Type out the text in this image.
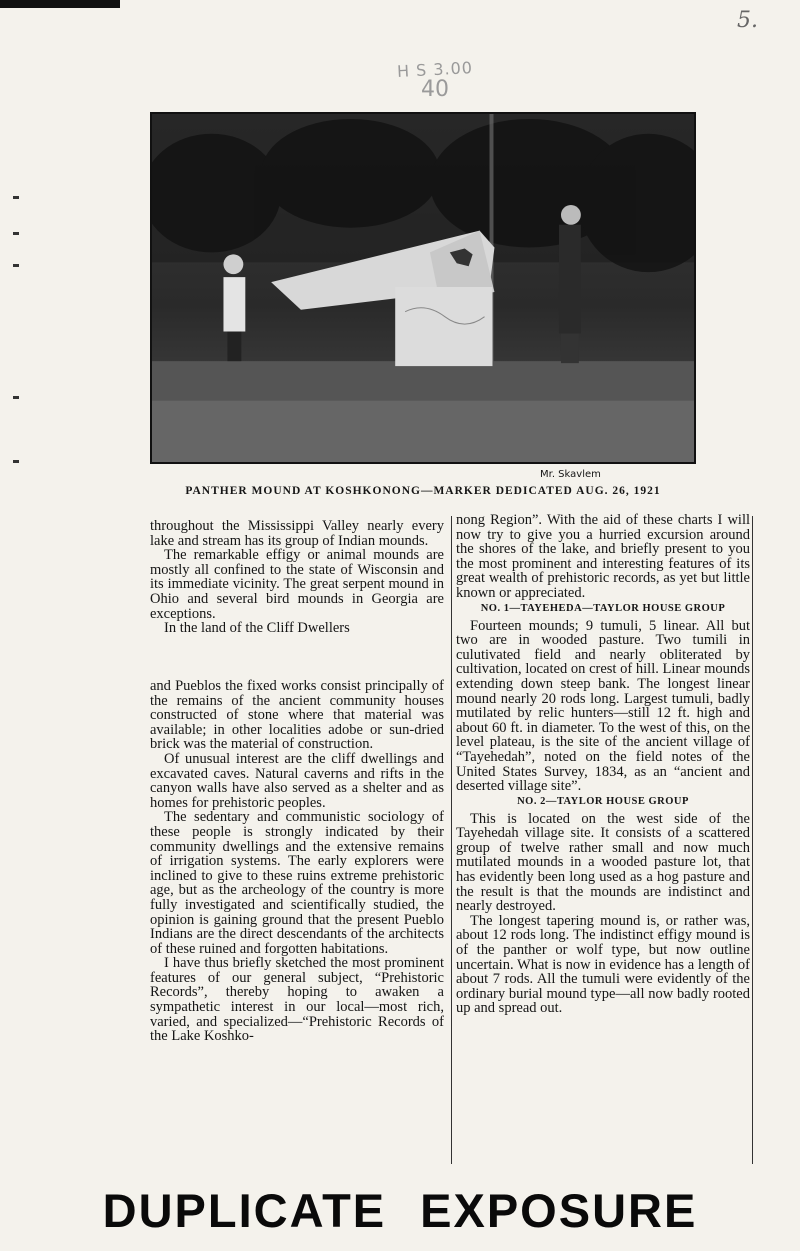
5.
H S 3.00
40
Mr. Skavlem
PANTHER MOUND AT KOSHKONONG—MARKER DEDICATED AUG. 26, 1921

throughout the Mississippi Valley nearly every lake and stream has its group of Indian mounds.

The remarkable effigy or animal mounds are mostly all confined to the state of Wisconsin and its immediate vicinity. The great serpent mound in Ohio and several bird mounds in Georgia are exceptions.

In the land of the Cliff Dwellers

and Pueblos the fixed works consist principally of the remains of the ancient community houses constructed of stone where that material was available; in other localities adobe or sun-dried brick was the material of construction.

Of unusual interest are the cliff dwellings and excavated caves. Natural caverns and rifts in the canyon walls have also served as a shelter and as homes for prehistoric peoples.

The sedentary and communistic sociology of these people is strongly indicated by their community dwellings and the extensive remains of irrigation systems. The early explorers were inclined to give to these ruins extreme prehistoric age, but as the archeology of the country is more fully investigated and scientifically studied, the opinion is gaining ground that the present Pueblo Indians are the direct descendants of the architects of these ruined and forgotten habitations.

I have thus briefly sketched the most prominent features of our general subject, “Prehistoric Records”, thereby hoping to awaken a sympathetic interest in our local—most rich, varied, and specialized—“Prehistoric Records of the Lake Koshko-

nong Region”. With the aid of these charts I will now try to give you a hurried excursion around the shores of the lake, and briefly present to you the most prominent and interesting features of its great wealth of prehistoric records, as yet but little known or appreciated.

NO. 1—TAYEHEDA—TAYLOR HOUSE GROUP

Fourteen mounds; 9 tumuli, 5 linear. All but two are in wooded pasture. Two tumili in culutivated field and nearly obliterated by cultivation, located on crest of hill. Linear mounds extending down steep bank. The longest linear mound nearly 20 rods long. Largest tumuli, badly mutilated by relic hunters—still 12 ft. high and about 60 ft. in diameter. To the west of this, on the level plateau, is the site of the ancient village of “Tayehedah”, noted on the field notes of the United States Survey, 1834, as an “ancient and deserted village site”.

NO. 2—TAYLOR HOUSE GROUP

This is located on the west side of the Tayehedah village site. It consists of a scattered group of twelve rather small and now much mutilated mounds in a wooded pasture lot, that has evidently been long used as a hog pasture and the result is that the mounds are indistinct and nearly destroyed.

The longest tapering mound is, or rather was, about 12 rods long. The indistinct effigy mound is of the panther or wolf type, but now outline uncertain. What is now in evidence has a length of about 7 rods. All the tumuli were evidently of the ordinary burial mound type—all now badly rooted up and spread out.

DUPLICATE EXPOSURE
